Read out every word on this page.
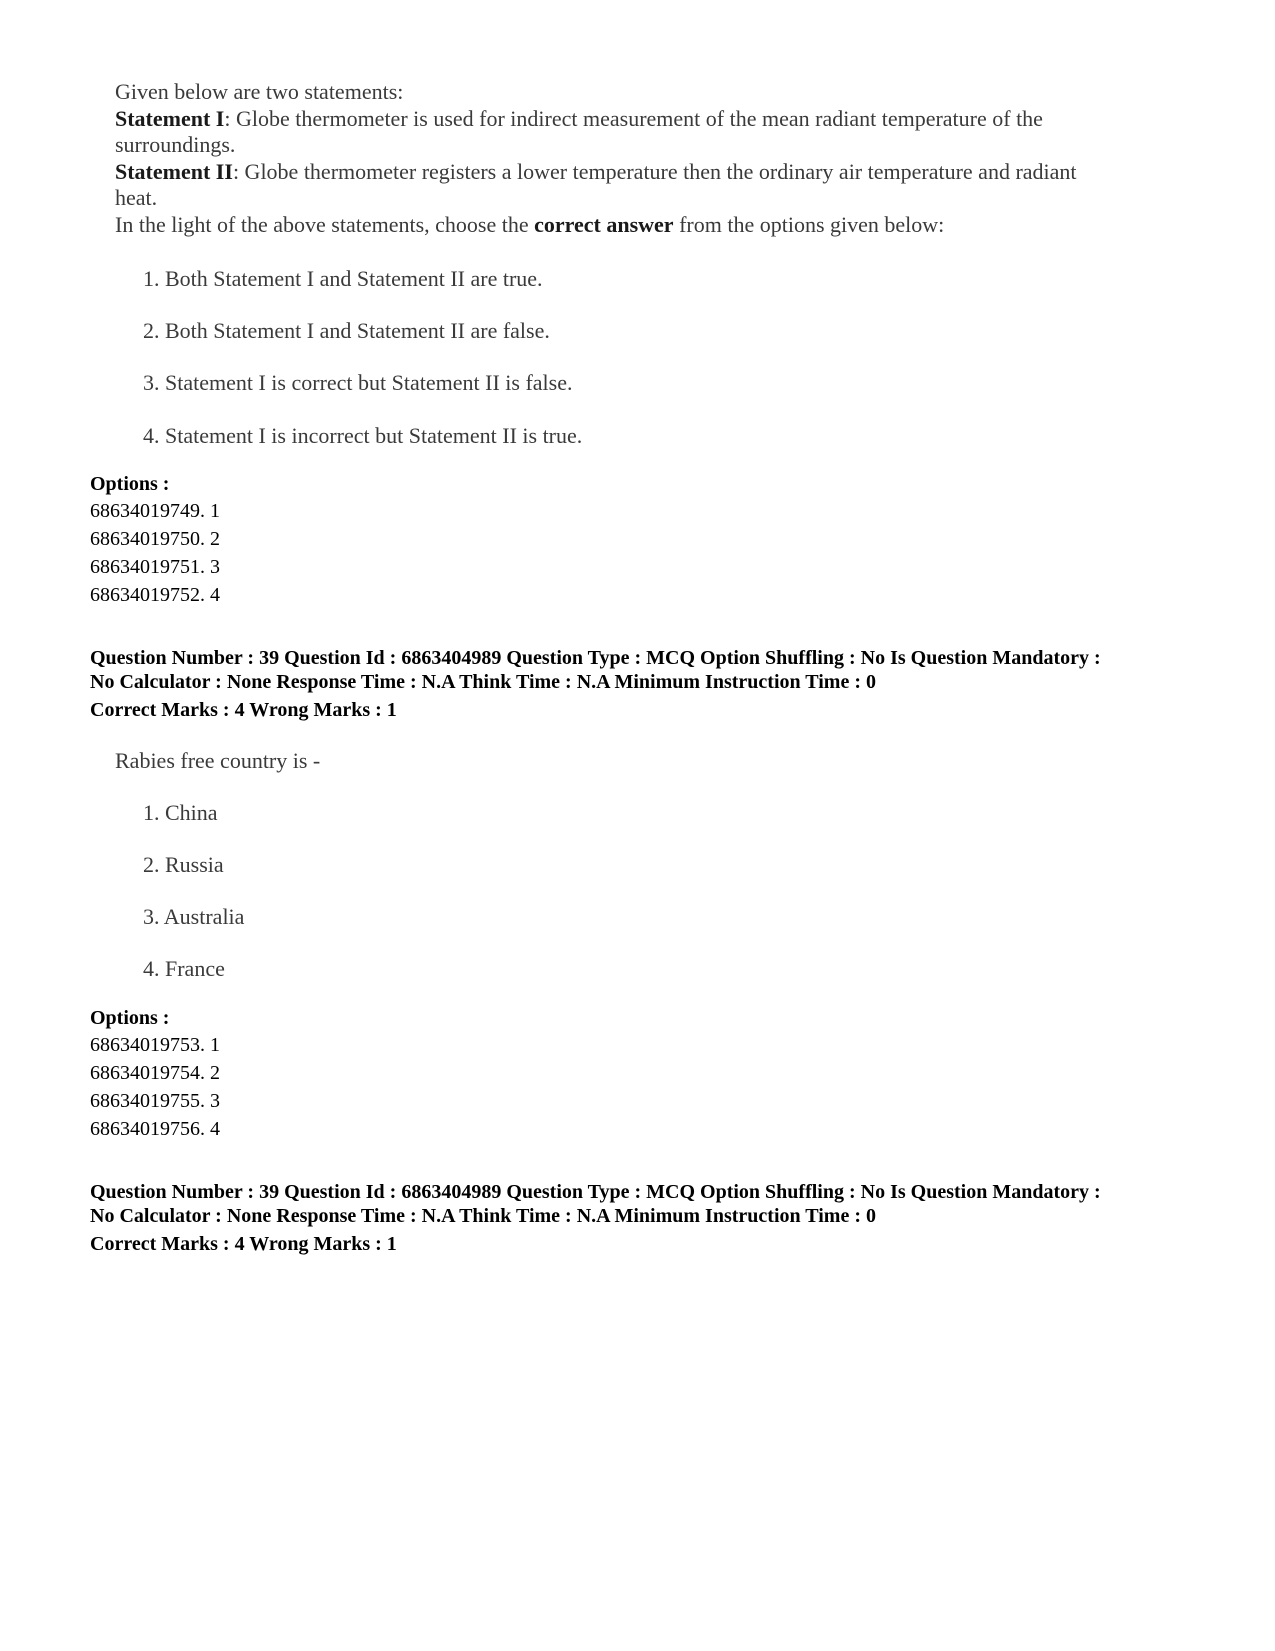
Given below are two statements:
Statement I: Globe thermometer is used for indirect measurement of the mean radiant temperature of the
surroundings.
Statement II: Globe thermometer registers a lower temperature then the ordinary air temperature and radiant
heat.
In the light of the above statements, choose the correct answer from the options given below:
1. Both Statement I and Statement II are true.
2. Both Statement I and Statement II are false.
3. Statement I is correct but Statement II is false.
4. Statement I is incorrect but Statement II is true.
Options :
68634019749. 1
68634019750. 2
68634019751. 3
68634019752. 4
Question Number : 39 Question Id : 6863404989 Question Type : MCQ Option Shuffling : No Is Question Mandatory :
No Calculator : None Response Time : N.A Think Time : N.A Minimum Instruction Time : 0
Correct Marks : 4 Wrong Marks : 1
Rabies free country is -
1. China
2. Russia
3. Australia
4. France
Options :
68634019753. 1
68634019754. 2
68634019755. 3
68634019756. 4
Question Number : 39 Question Id : 6863404989 Question Type : MCQ Option Shuffling : No Is Question Mandatory :
No Calculator : None Response Time : N.A Think Time : N.A Minimum Instruction Time : 0
Correct Marks : 4 Wrong Marks : 1
